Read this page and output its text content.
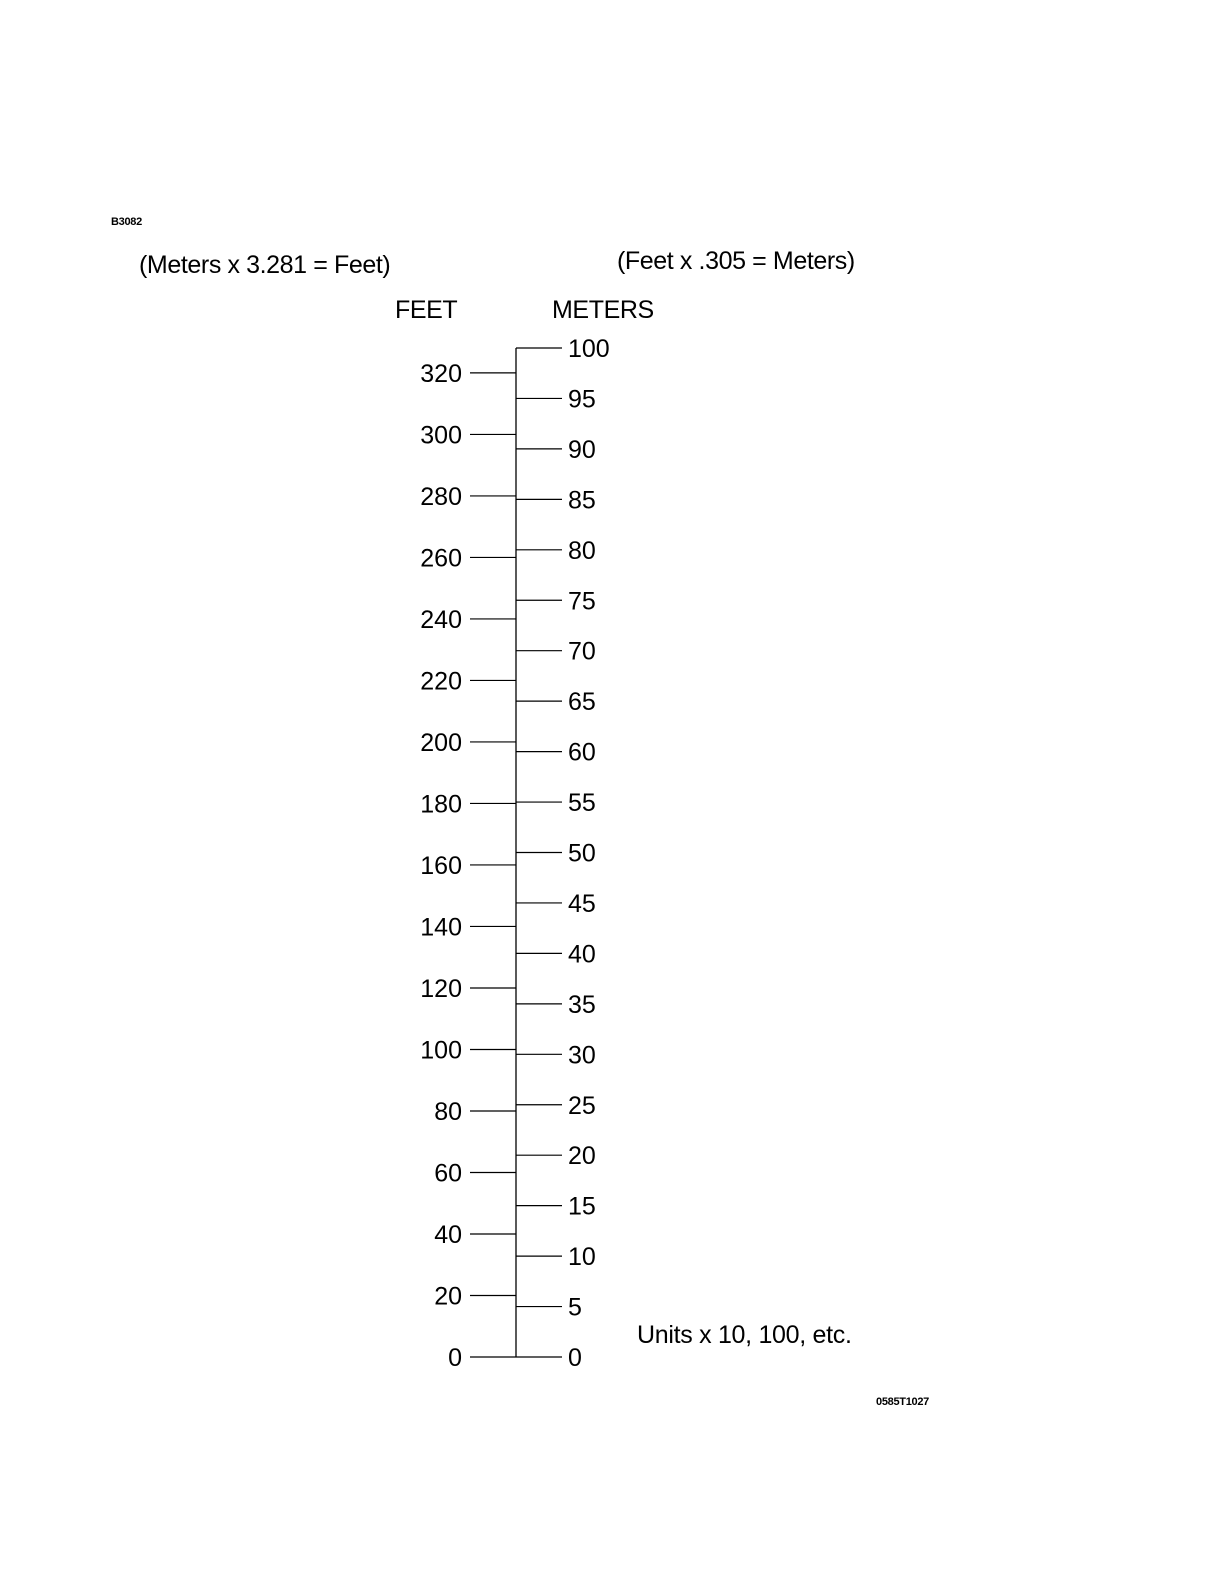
B3082
(Meters x 3.281 = Feet)	(Feet x .305 = Meters)
FEET	METERS
0
20
40
60
80
100
120
140
160
180
200
220
240
260
280
300
320
0
5
10
15
20
25
30
35
40
45
50
55
60
65
70
75
80
85
90
95
100
Units x 10, 100, etc.
0585T1027
